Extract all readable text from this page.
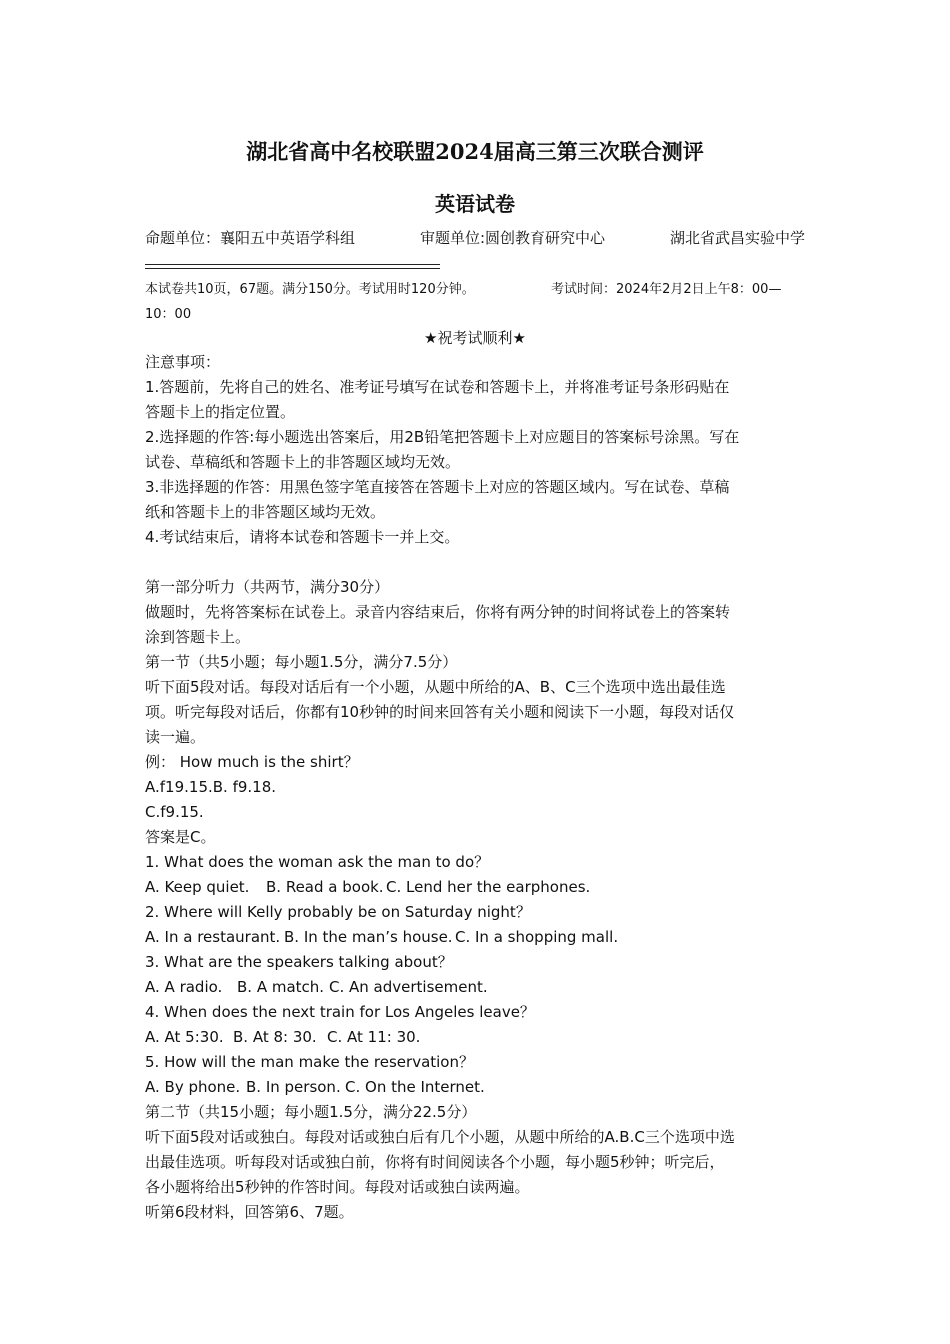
湖北省高中名校联盟2024届高三第三次联合测评
英语试卷
命题单位：襄阳五中英语学科组	审题单位:圆创教育研究中心	湖北省武昌实验中学
本试卷共10页，67题。满分150分。考试用时120分钟。	考试时间：2024年2月2日上午8：00—
10：00
★祝考试顺利★

注意事项：

1.答题前，先将自己的姓名、准考证号填写在试卷和答题卡上，并将准考证号条形码贴在

答题卡上的指定位置。

2.选择题的作答:每小题选出答案后，用2B铅笔把答题卡上对应题目的答案标号涂黑。写在

试卷、草稿纸和答题卡上的非答题区域均无效。

3.非选择题的作答：用黑色签字笔直接答在答题卡上对应的答题区域内。写在试卷、草稿

纸和答题卡上的非答题区域均无效。

4.考试结束后，请将本试卷和答题卡一并上交。

第一部分听力（共两节，满分30分）

做题时，先将答案标在试卷上。录音内容结束后，你将有两分钟的时间将试卷上的答案转

涂到答题卡上。

第一节（共5小题；每小题1.5分，满分7.5分）

听下面5段对话。每段对话后有一个小题，从题中所给的A、B、C三个选项中选出最佳选

项。听完每段对话后，你都有10秒钟的时间来回答有关小题和阅读下一小题，每段对话仅

读一遍。

例： How much is the shirt？

A.f19.15.B. f9.18.

C.f9.15.

答案是C。

1. What does the woman ask the man to do？

A. Keep quiet. B. Read a book. C. Lend her the earphones.

2. Where will Kelly probably be on Saturday night？

A. In a restaurant. B. In the man’s house. C. In a shopping mall.

3. What are the speakers talking about？

A. A radio. B. A match. C. An advertisement.

4. When does the next train for Los Angeles leave？

A. At 5:30. B. At 8: 30. C. At 11: 30.

5. How will the man make the reservation？

A. By phone. B. In person. C. On the Internet.

第二节（共15小题；每小题1.5分，满分22.5分）

听下面5段对话或独白。每段对话或独白后有几个小题，从题中所给的A.B.C三个选项中选

出最佳选项。听每段对话或独白前，你将有时间阅读各个小题，每小题5秒钟；听完后，

各小题将给出5秒钟的作答时间。每段对话或独白读两遍。

听第6段材料，回答第6、7题。
